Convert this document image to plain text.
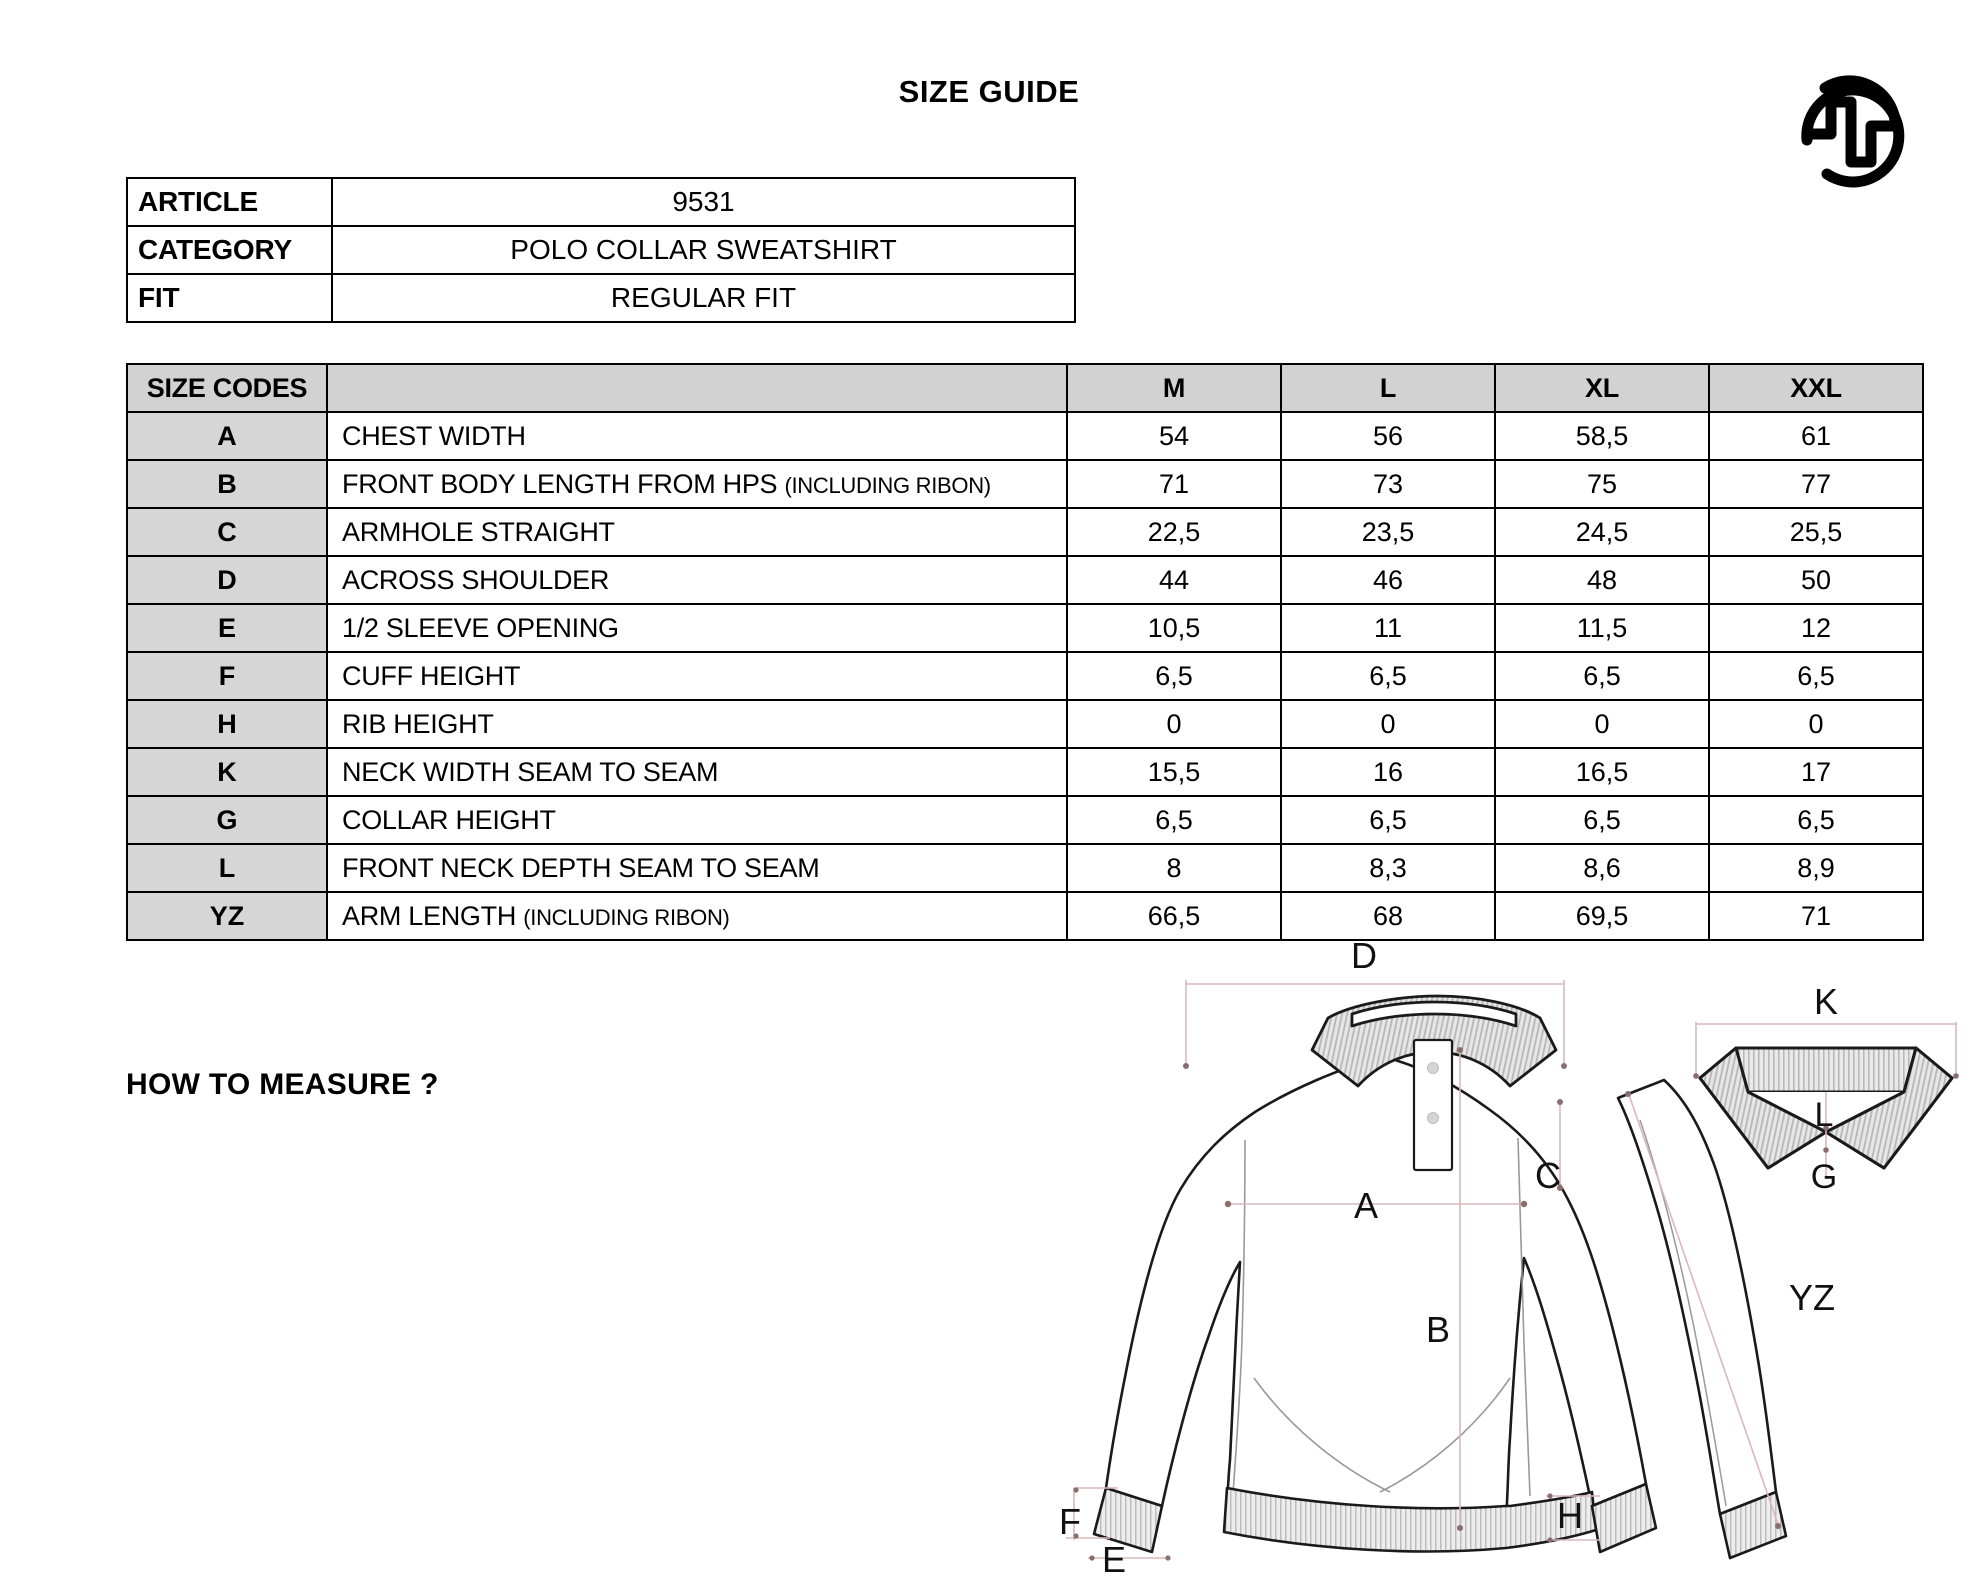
SIZE GUIDE
ARTICLE	9531
CATEGORY	POLO COLLAR SWEATSHIRT
FIT	REGULAR FIT
SIZE CODES		M	L	XL	XXL
A	CHEST WIDTH	54	56	58,5	61
B	FRONT BODY LENGTH FROM HPS (INCLUDING RIBON)	71	73	75	77
C	ARMHOLE STRAIGHT	22,5	23,5	24,5	25,5
D	ACROSS SHOULDER	44	46	48	50
E	1/2 SLEEVE OPENING	10,5	11	11,5	12
F	CUFF HEIGHT	6,5	6,5	6,5	6,5
H	RIB HEIGHT	0	0	0	0
K	NECK WIDTH SEAM TO SEAM	15,5	16	16,5	17
G	COLLAR HEIGHT	6,5	6,5	6,5	6,5
L	FRONT NECK DEPTH SEAM TO SEAM	8	8,3	8,6	8,9
YZ	ARM LENGTH (INCLUDING RIBON)	66,5	68	69,5	71
HOW TO MEASURE ?
D
A
B
C
YZ
F
E
H
K
L
G
